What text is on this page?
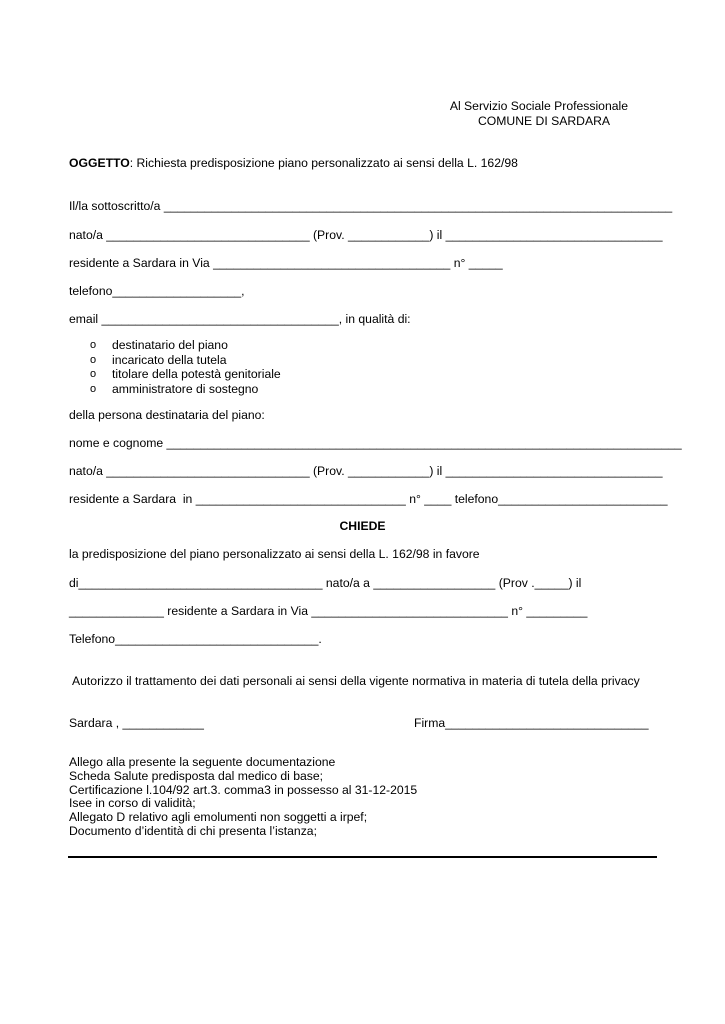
Al Servizio Sociale Professionale
COMUNE DI SARDARA
OGGETTO: Richiesta predisposizione piano personalizzato ai sensi della L. 162/98
Il/la sottoscritto/a ___________________________________________________________________________
nato/a ______________________________ (Prov. ____________) il ________________________________
residente a Sardara in Via ___________________________________ n° _____
telefono___________________,
email ___________________________________, in qualità di:
o destinatario del piano
o incaricato della tutela
o titolare della potestà genitoriale
o amministratore di sostegno
della persona destinataria del piano:
nome e cognome ____________________________________________________________________________
nato/a ______________________________ (Prov. ____________) il ________________________________
residente a Sardara  in _______________________________ n° ____ telefono_________________________
CHIEDE
la predisposizione del piano personalizzato ai sensi della L. 162/98 in favore
di____________________________________ nato/a a __________________ (Prov ._____) il
______________ residente a Sardara in Via _____________________________ n° _________
Telefono______________________________.
Autorizzo il trattamento dei dati personali ai sensi della vigente normativa in materia di tutela della privacy
Sardara , ____________	Firma______________________________
Allego alla presente la seguente documentazione
Scheda Salute predisposta dal medico di base;
Certificazione l.104/92 art.3. comma3 in possesso al 31-12-2015
Isee in corso di validità;
Allegato D relativo agli emolumenti non soggetti a irpef;
Documento d’identità di chi presenta l’istanza;
